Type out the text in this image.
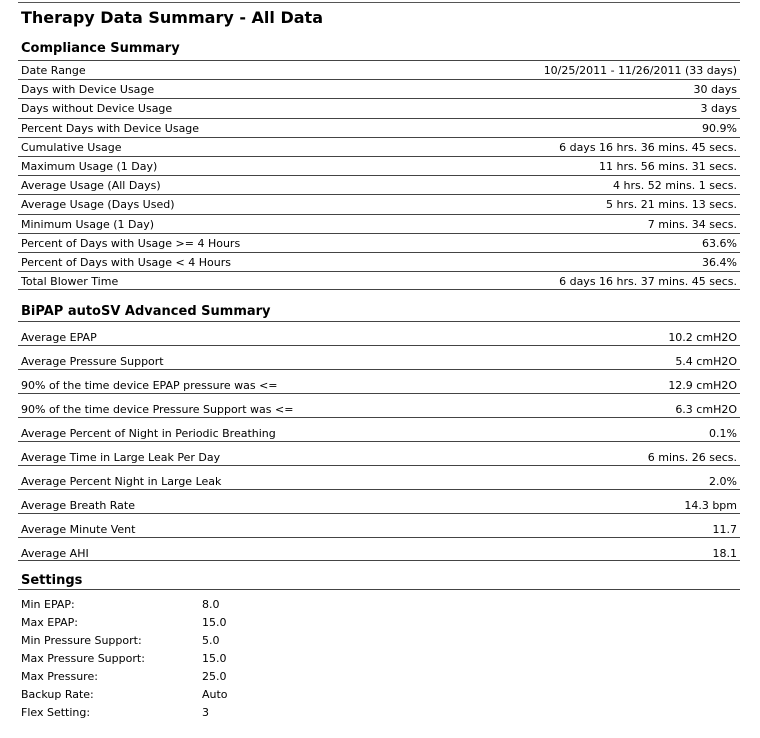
Therapy Data Summary - All Data
Compliance Summary
Date Range	10/25/2011 - 11/26/2011 (33 days)
Days with Device Usage	30 days
Days without Device Usage	3 days
Percent Days with Device Usage	90.9%
Cumulative Usage	6 days 16 hrs. 36 mins. 45 secs.
Maximum Usage (1 Day)	11 hrs. 56 mins. 31 secs.
Average Usage (All Days)	4 hrs. 52 mins. 1 secs.
Average Usage (Days Used)	5 hrs. 21 mins. 13 secs.
Minimum Usage (1 Day)	7 mins. 34 secs.
Percent of Days with Usage >= 4 Hours	63.6%
Percent of Days with Usage < 4 Hours	36.4%
Total Blower Time	6 days 16 hrs. 37 mins. 45 secs.
BiPAP autoSV Advanced Summary
Average EPAP	10.2 cmH2O
Average Pressure Support	5.4 cmH2O
90% of the time device EPAP pressure was <=	12.9 cmH2O
90% of the time device Pressure Support was <=	6.3 cmH2O
Average Percent of Night in Periodic Breathing	0.1%
Average Time in Large Leak Per Day	6 mins. 26 secs.
Average Percent Night in Large Leak	2.0%
Average Breath Rate	14.3 bpm
Average Minute Vent	11.7
Average AHI	18.1
Settings
Min EPAP:	8.0
Max EPAP:	15.0
Min Pressure Support:	5.0
Max Pressure Support:	15.0
Max Pressure:	25.0
Backup Rate:	Auto
Flex Setting:	3
